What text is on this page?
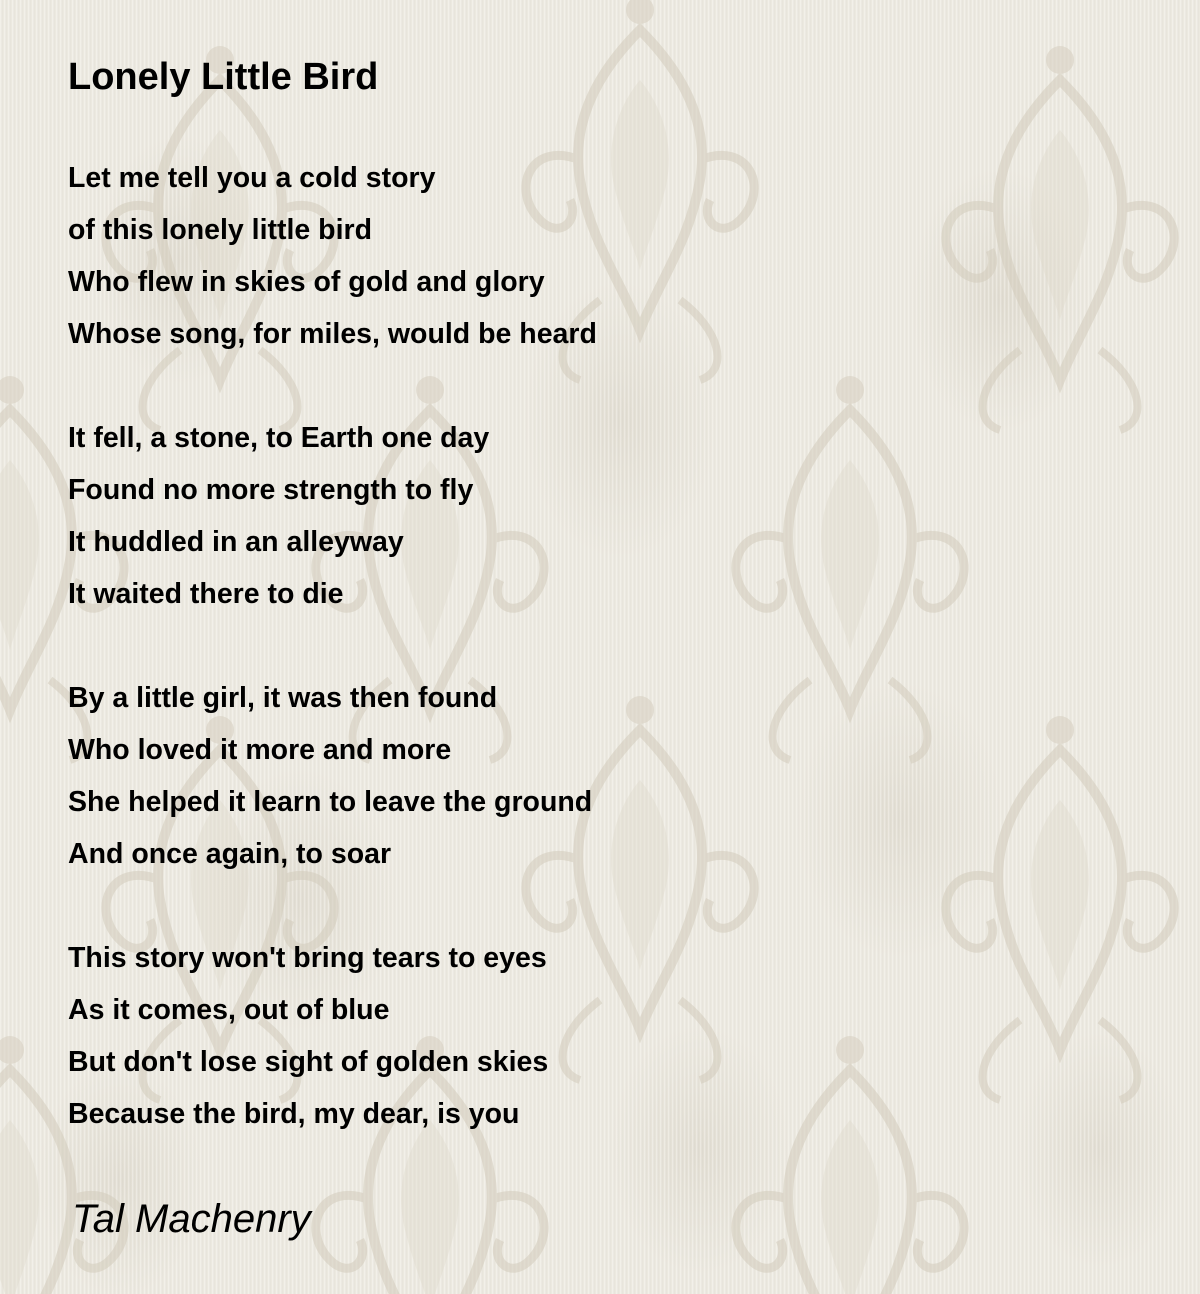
Lonely Little Bird
Let me tell you a cold story
of this lonely little bird
Who flew in skies of gold and glory
Whose song, for miles, would be heard
It fell, a stone, to Earth one day
Found no more strength to fly
It huddled in an alleyway
It waited there to die
By a little girl, it was then found
Who loved it more and more
She helped it learn to leave the ground
And once again, to soar
This story won't bring tears to eyes
As it comes, out of blue
But don't lose sight of golden skies
Because the bird, my dear, is you
Tal Machenry
